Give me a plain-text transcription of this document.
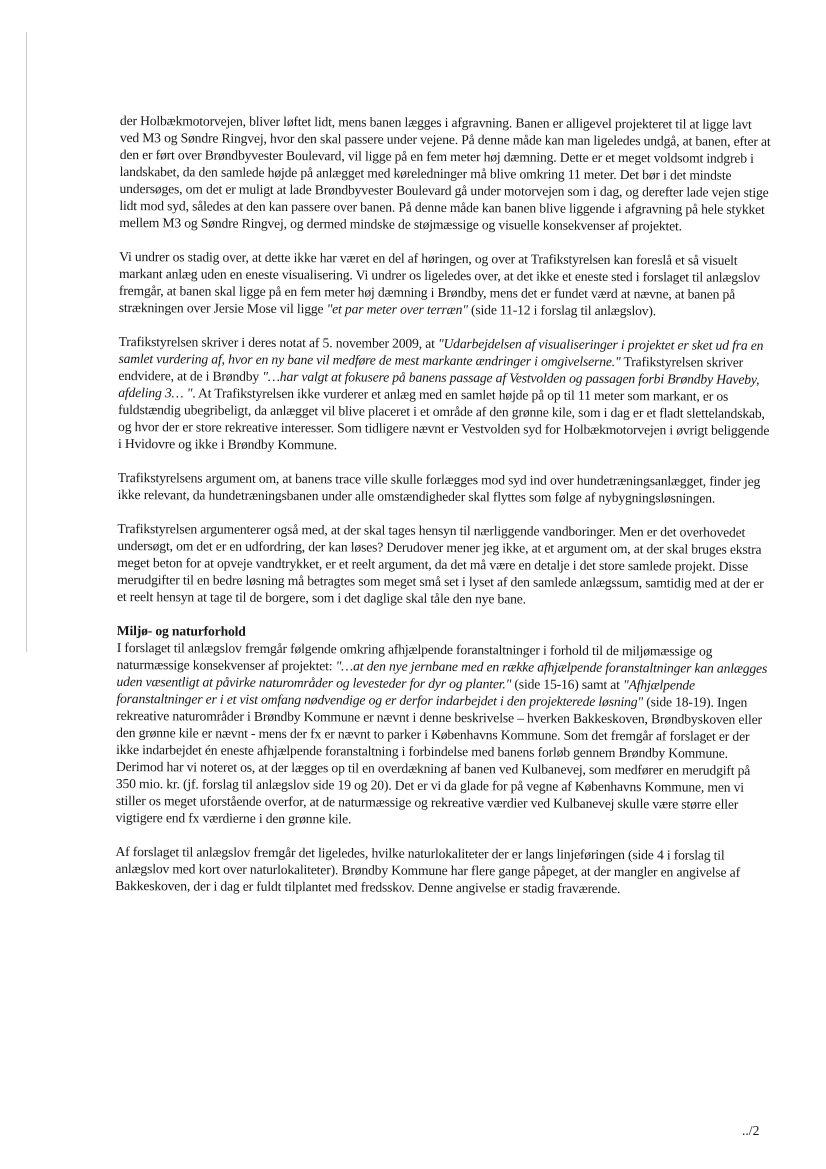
der Holbækmotorvejen, bliver løftet lidt, mens banen lægges i afgravning. Banen er alligevel projekteret til at ligge lavt ved M3 og Søndre Ringvej, hvor den skal passere under vejene. På denne måde kan man ligeledes undgå, at banen, efter at den er ført over Brøndbyvester Boulevard, vil ligge på en fem meter høj dæmning. Dette er et meget voldsomt indgreb i landskabet, da den samlede højde på anlægget med køreledninger må blive omkring 11 meter. Det bør i det mindste undersøges, om det er muligt at lade Brøndbyvester Boulevard gå under motorvejen som i dag, og derefter lade vejen stige lidt mod syd, således at den kan passere over banen. På denne måde kan banen blive liggende i afgravning på hele stykket mellem M3 og Søndre Ringvej, og dermed mindske de støjmæssige og visuelle konsekvenser af projektet.

Vi undrer os stadig over, at dette ikke har været en del af høringen, og over at Trafikstyrelsen kan foreslå et så visuelt markant anlæg uden en eneste visualisering. Vi undrer os ligeledes over, at det ikke et eneste sted i forslaget til anlægslov fremgår, at banen skal ligge på en fem meter høj dæmning i Brøndby, mens det er fundet værd at nævne, at banen på strækningen over Jersie Mose vil ligge "et par meter over terræn" (side 11-12 i forslag til anlægslov).

Trafikstyrelsen skriver i deres notat af 5. november 2009, at "Udarbejdelsen af visualiseringer i projektet er sket ud fra en samlet vurdering af, hvor en ny bane vil medføre de mest markante ændringer i omgivelserne." Trafikstyrelsen skriver endvidere, at de i Brøndby "…har valgt at fokusere på banens passage af Vestvolden og passagen forbi Brøndby Haveby, afdeling 3… ". At Trafikstyrelsen ikke vurderer et anlæg med en samlet højde på op til 11 meter som markant, er os fuldstændig ubegribeligt, da anlægget vil blive placeret i et område af den grønne kile, som i dag er et fladt slettelandskab, og hvor der er store rekreative interesser. Som tidligere nævnt er Vestvolden syd for Holbækmotorvejen i øvrigt beliggende i Hvidovre og ikke i Brøndby Kommune.

Trafikstyrelsens argument om, at banens trace ville skulle forlægges mod syd ind over hundetræningsanlægget, finder jeg ikke relevant, da hundetræningsbanen under alle omstændigheder skal flyttes som følge af nybygningsløsningen.

Trafikstyrelsen argumenterer også med, at der skal tages hensyn til nærliggende vandboringer. Men er det overhovedet undersøgt, om det er en udfordring, der kan løses? Derudover mener jeg ikke, at et argument om, at der skal bruges ekstra meget beton for at opveje vandtrykket, er et reelt argument, da det må være en detalje i det store samlede projekt. Disse merudgifter til en bedre løsning må betragtes som meget små set i lyset af den samlede anlægssum, samtidig med at der er et reelt hensyn at tage til de borgere, som i det daglige skal tåle den nye bane.

Miljø- og naturforhold

I forslaget til anlægslov fremgår følgende omkring afhjælpende foranstaltninger i forhold til de miljømæssige og naturmæssige konsekvenser af projektet: "…at den nye jernbane med en række afhjælpende foranstaltninger kan anlægges uden væsentligt at påvirke naturområder og levesteder for dyr og planter." (side 15-16) samt at "Afhjælpende foranstaltninger er i et vist omfang nødvendige og er derfor indarbejdet i den projekterede løsning" (side 18-19). Ingen rekreative naturområder i Brøndby Kommune er nævnt i denne beskrivelse – hverken Bakkeskoven, Brøndbyskoven eller den grønne kile er nævnt - mens der fx er nævnt to parker i Københavns Kommune. Som det fremgår af forslaget er der ikke indarbejdet én eneste afhjælpende foranstaltning i forbindelse med banens forløb gennem Brøndby Kommune. Derimod har vi noteret os, at der lægges op til en overdækning af banen ved Kulbanevej, som medfører en merudgift på 350 mio. kr. (jf. forslag til anlægslov side 19 og 20). Det er vi da glade for på vegne af Københavns Kommune, men vi stiller os meget uforstående overfor, at de naturmæssige og rekreative værdier ved Kulbanevej skulle være større eller vigtigere end fx værdierne i den grønne kile.

Af forslaget til anlægslov fremgår det ligeledes, hvilke naturlokaliteter der er langs linjeføringen (side 4 i forslag til anlægslov med kort over naturlokaliteter). Brøndby Kommune har flere gange påpeget, at der mangler en angivelse af Bakkeskoven, der i dag er fuldt tilplantet med fredsskov. Denne angivelse er stadig fraværende.

../2
